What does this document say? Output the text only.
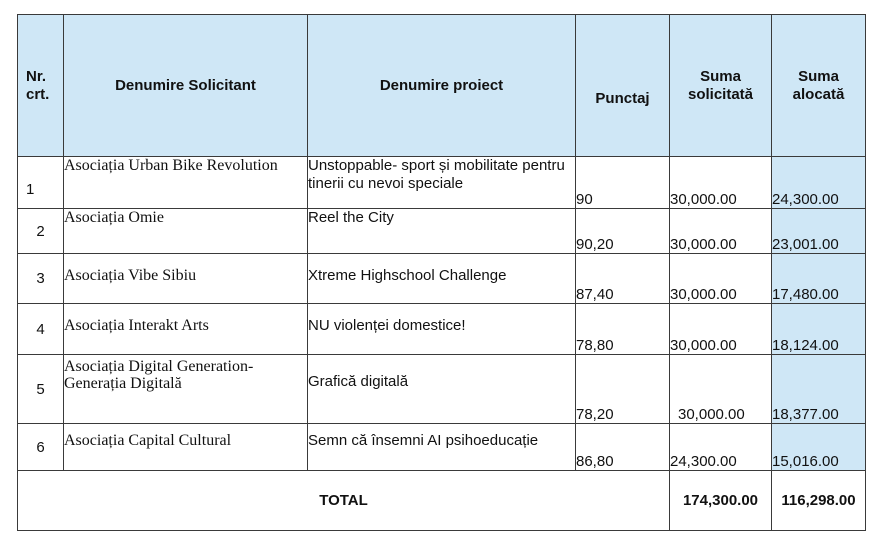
Nr. crt.	Denumire Solicitant	Denumire proiect	Punctaj	Suma solicitată	Suma alocată
1	Asociația Urban Bike Revolution	Unstoppable- sport și mobilitate pentru tinerii cu nevoi speciale	90	30,000.00	24,300.00
2	Asociația Omie	Reel the City	90,20	30,000.00	23,001.00
3	Asociația Vibe Sibiu	Xtreme Highschool Challenge	87,40	30,000.00	17,480.00
4	Asociația Interakt Arts	NU violenței domestice!	78,80	30,000.00	18,124.00
5	Asociația Digital Generation- Generația Digitală	Grafică digitală	78,20	30,000.00	18,377.00
6	Asociația Capital Cultural	Semn că însemni AI psihoeducație	86,80	24,300.00	15,016.00
TOTAL				174,300.00	116,298.00
